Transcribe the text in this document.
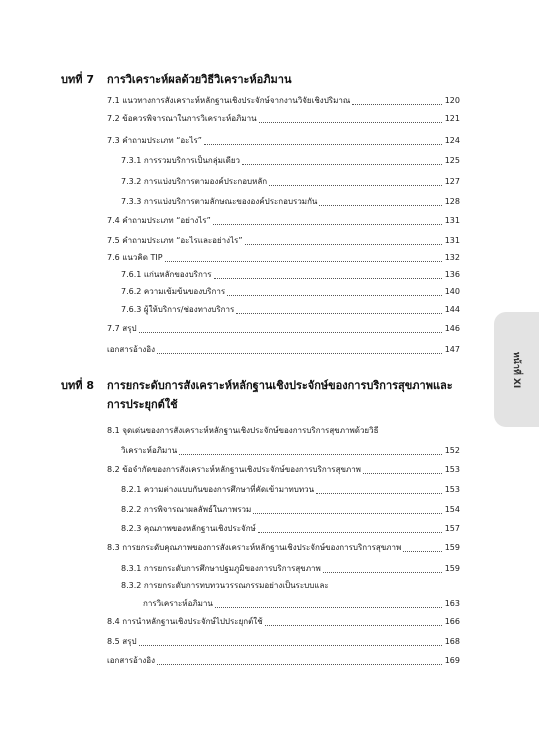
บทที่ 7 การวิเคราะห์ผลด้วยวิธีวิเคราะห์อภิมาน
7.1 แนวทางการสังเคราะห์หลักฐานเชิงประจักษ์จากงานวิจัยเชิงปริมาณ	120
7.2 ข้อควรพิจารณาในการวิเคราะห์อภิมาน	121
7.3 คำถามประเภท “อะไร”	124
7.3.1 การรวมบริการเป็นกลุ่มเดียว	125
7.3.2 การแบ่งบริการตามองค์ประกอบหลัก	127
7.3.3 การแบ่งบริการตามลักษณะขององค์ประกอบรวมกัน	128
7.4 คำถามประเภท “อย่างไร”	131
7.5 คำถามประเภท “อะไรและอย่างไร”	131
7.6 แนวคิด TIP	132
7.6.1 แก่นหลักของบริการ	136
7.6.2 ความเข้มข้นของบริการ	140
7.6.3 ผู้ให้บริการ/ช่องทางบริการ	144
7.7 สรุป	146
เอกสารอ้างอิง	147
บทที่ 8 การยกระดับการสังเคราะห์หลักฐานเชิงประจักษ์ของการบริการสุขภาพและ
การประยุกต์ใช้
8.1 จุดเด่นของการสังเคราะห์หลักฐานเชิงประจักษ์ของการบริการสุขภาพด้วยวิธี
วิเคราะห์อภิมาน	152
8.2 ข้อจำกัดของการสังเคราะห์หลักฐานเชิงประจักษ์ของการบริการสุขภาพ	153
8.2.1 ความต่างแบบกันของการศึกษาที่คัดเข้ามาทบทวน	153
8.2.2 การพิจารณาผลลัพธ์ในภาพรวม	154
8.2.3 คุณภาพของหลักฐานเชิงประจักษ์	157
8.3 การยกระดับคุณภาพของการสังเคราะห์หลักฐานเชิงประจักษ์ของการบริการสุขภาพ	159
8.3.1 การยกระดับการศึกษาปฐมภูมิของการบริการสุขภาพ	159
8.3.2 การยกระดับการทบทวนวรรณกรรมอย่างเป็นระบบและ
การวิเคราะห์อภิมาน	163
8.4 การนำหลักฐานเชิงประจักษ์ไปประยุกต์ใช้	166
8.5 สรุป	168
เอกสารอ้างอิง	169
หน้าที่ XI
